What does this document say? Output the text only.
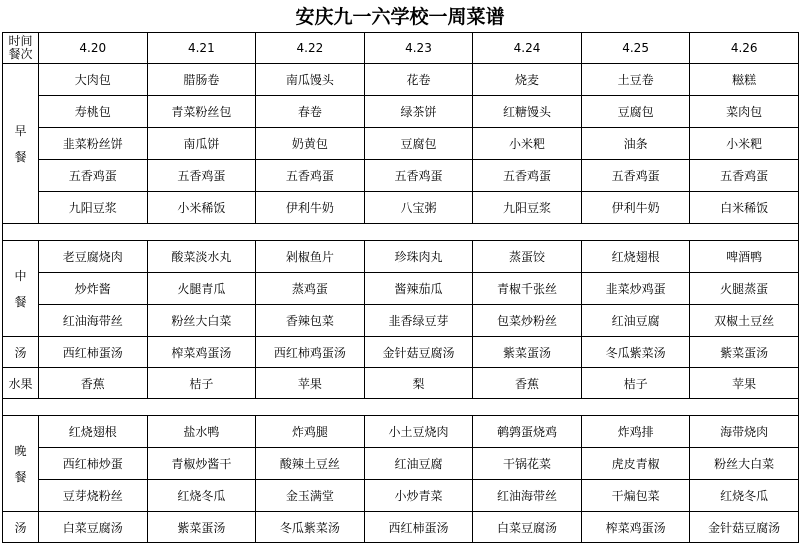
安庆九一六学校一周菜谱
时间
餐次	4.20	4.21	4.22	4.23	4.24	4.25	4.26

早
餐	大肉包	腊肠卷	南瓜馒头	花卷	烧麦	土豆卷	糍糕
	寿桃包	青菜粉丝包	春卷	绿茶饼	红糖馒头	豆腐包	菜肉包
	韭菜粉丝饼	南瓜饼	奶黄包	豆腐包	小米粑	油条	小米粑
	五香鸡蛋	五香鸡蛋	五香鸡蛋	五香鸡蛋	五香鸡蛋	五香鸡蛋	五香鸡蛋
	九阳豆浆	小米稀饭	伊利牛奶	八宝粥	九阳豆浆	伊利牛奶	白米稀饭

中
餐	老豆腐烧肉	酸菜淡水丸	剁椒鱼片	珍珠肉丸	蒸蛋饺	红烧翅根	啤酒鸭
	炒炸酱	火腿青瓜	蒸鸡蛋	酱辣茄瓜	青椒千张丝	韭菜炒鸡蛋	火腿蒸蛋
	红油海带丝	粉丝大白菜	香辣包菜	韭香绿豆芽	包菜炒粉丝	红油豆腐	双椒土豆丝
汤	西红柿蛋汤	榨菜鸡蛋汤	西红柿鸡蛋汤	金针菇豆腐汤	紫菜蛋汤	冬瓜紫菜汤	紫菜蛋汤
水果	香蕉	桔子	苹果	梨	香蕉	桔子	苹果

晚
餐	红烧翅根	盐水鸭	炸鸡腿	小土豆烧肉	鹌鹑蛋烧鸡	炸鸡排	海带烧肉
	西红柿炒蛋	青椒炒酱干	酸辣土豆丝	红油豆腐	干锅花菜	虎皮青椒	粉丝大白菜
	豆芽烧粉丝	红烧冬瓜	金玉满堂	小炒青菜	红油海带丝	干煸包菜	红烧冬瓜
汤	白菜豆腐汤	紫菜蛋汤	冬瓜紫菜汤	西红柿蛋汤	白菜豆腐汤	榨菜鸡蛋汤	金针菇豆腐汤
